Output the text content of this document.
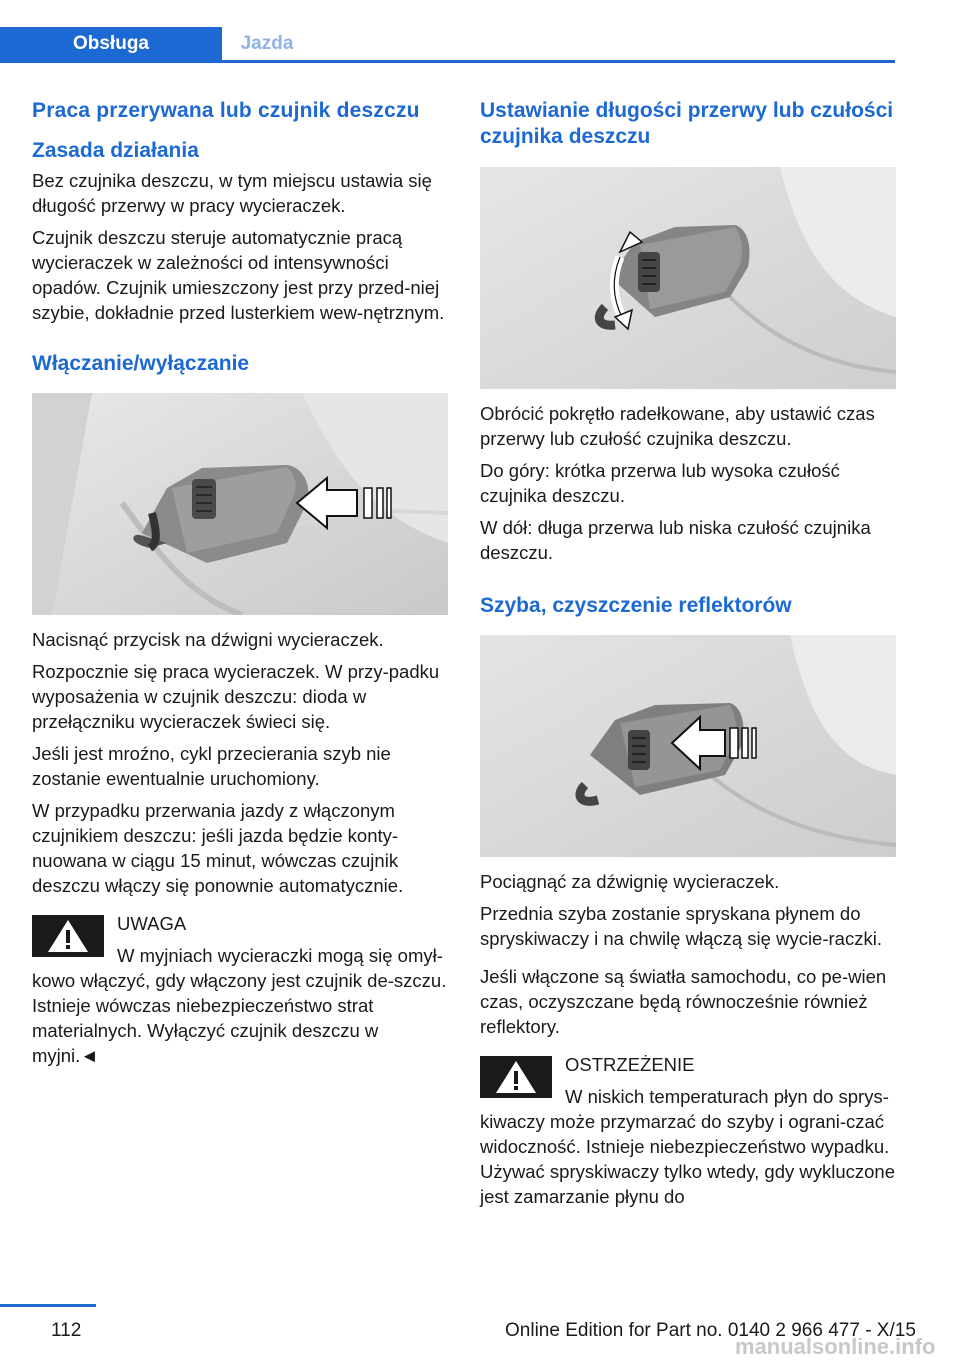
Obsługa	Jazda
Praca przerywana lub czujnik deszczu
Zasada działania

Bez czujnika deszczu, w tym miejscu ustawia się długość przerwy w pracy wycieraczek.

Czujnik deszczu steruje automatycznie pracą wycieraczek w zależności od intensywności opadów. Czujnik umieszczony jest przy przed‐niej szybie, dokładnie przed lusterkiem wew‐nętrznym.

Włączanie/wyłączanie

Nacisnąć przycisk na dźwigni wycieraczek.

Rozpocznie się praca wycieraczek. W przy‐padku wyposażenia w czujnik deszczu: dioda w przełączniku wycieraczek świeci się.

Jeśli jest mroźno, cykl przecierania szyb nie zostanie ewentualnie uruchomiony.

W przypadku przerwania jazdy z włączonym czujnikiem deszczu: jeśli jazda będzie konty‐nuowana w ciągu 15 minut, wówczas czujnik deszczu włączy się ponownie automatycznie.

UWAGA

W myjniach wycieraczki mogą się omył‐

kowo włączyć, gdy włączony jest czujnik de‐szczu. Istnieje wówczas niebezpieczeństwo strat materialnych. Wyłączyć czujnik deszczu w myjni.◄

Ustawianie długości przerwy lub czułości czujnika deszczu

Obrócić pokrętło radełkowane, aby ustawić czas przerwy lub czułość czujnika deszczu.

Do góry: krótka przerwa lub wysoka czułość czujnika deszczu.

W dół: długa przerwa lub niska czułość czujnika deszczu.

Szyba, czyszczenie reflektorów

Pociągnąć za dźwignię wycieraczek.

Przednia szyba zostanie spryskana płynem do spryskiwaczy i na chwilę włączą się wycie‐raczki.

Jeśli włączone są światła samochodu, co pe‐wien czas, oczyszczane będą równocześnie również reflektory.

OSTRZEŻENIE

W niskich temperaturach płyn do sprys‐

kiwaczy może przymarzać do szyby i ograni‐czać widoczność. Istnieje niebezpieczeństwo wypadku. Używać spryskiwaczy tylko wtedy, gdy wykluczone jest zamarzanie płynu do

112	Online Edition for Part no. 0140 2 966 477 - X/15
manualsonline.info
